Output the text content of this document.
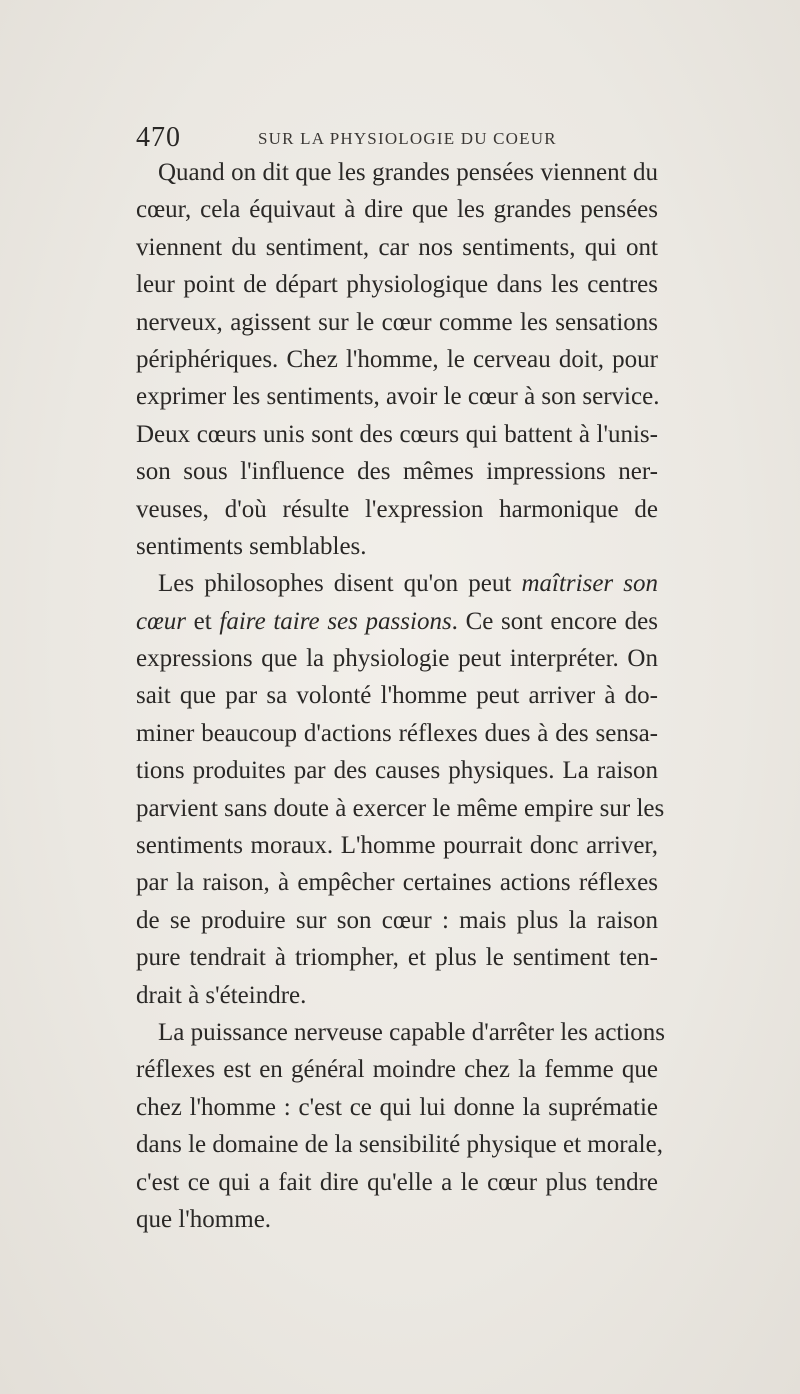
470	SUR LA PHYSIOLOGIE DU COEUR
Quand on dit que les grandes pensées viennent du
cœur, cela équivaut à dire que les grandes pensées
viennent du sentiment, car nos sentiments, qui ont
leur point de départ physiologique dans les centres
nerveux, agissent sur le cœur comme les sensations
périphériques. Chez l'homme, le cerveau doit, pour
exprimer les sentiments, avoir le cœur à son service.
Deux cœurs unis sont des cœurs qui battent à l'unis-
son sous l'influence des mêmes impressions ner-
veuses, d'où résulte l'expression harmonique de
sentiments semblables.
Les philosophes disent qu'on peut maîtriser son
cœur et faire taire ses passions. Ce sont encore des
expressions que la physiologie peut interpréter. On
sait que par sa volonté l'homme peut arriver à do-
miner beaucoup d'actions réflexes dues à des sensa-
tions produites par des causes physiques. La raison
parvient sans doute à exercer le même empire sur les
sentiments moraux. L'homme pourrait donc arriver,
par la raison, à empêcher certaines actions réflexes
de se produire sur son cœur : mais plus la raison
pure tendrait à triompher, et plus le sentiment ten-
drait à s'éteindre.
La puissance nerveuse capable d'arrêter les actions
réflexes est en général moindre chez la femme que
chez l'homme : c'est ce qui lui donne la suprématie
dans le domaine de la sensibilité physique et morale,
c'est ce qui a fait dire qu'elle a le cœur plus tendre
que l'homme.
